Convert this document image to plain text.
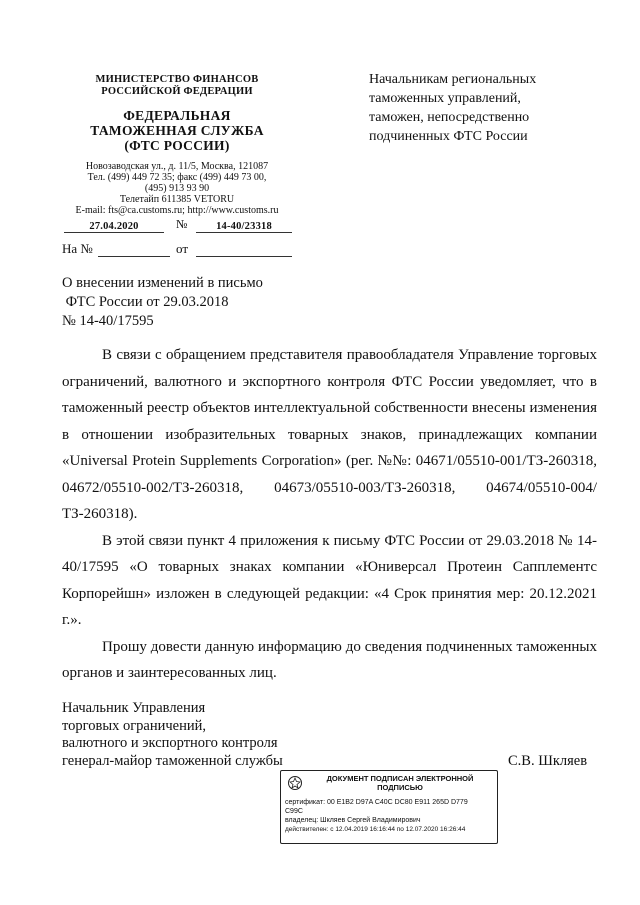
МИНИСТЕРСТВО ФИНАНСОВ
РОССИЙСКОЙ ФЕДЕРАЦИИ
ФЕДЕРАЛЬНАЯ
ТАМОЖЕННАЯ СЛУЖБА
(ФТС РОССИИ)
Новозаводская ул., д. 11/5, Москва, 121087
Тел. (499) 449 72 35; факс (499) 449 73 00,
(495) 913 93 90
Телетайп 611385 VETORU
E-mail: fts@ca.customs.ru; http://www.customs.ru
27.04.2020	№	14-40/23318
На №	от
Начальникам региональных
таможенных управлений,
таможен, непосредственно
подчиненных ФТС России
О внесении изменений в письмо
ФТС России от 29.03.2018
№ 14-40/17595

В связи с обращением представителя правообладателя Управление торговых ограничений, валютного и экспортного контроля ФТС России уведомляет, что в таможенный реестр объектов интеллектуальной собственности внесены изменения в отношении изобразительных товарных знаков, принадлежащих компании «Universal Protein Supplements Corporation» (рег. №№: 04671/05510-001/ТЗ-260318, 04672/05510-002/ТЗ-260318, 04673/05510-003/ТЗ-260318, 04674/05510-004/ТЗ-260318).

В этой связи пункт 4 приложения к письму ФТС России от 29.03.2018 № 14-40/17595 «О товарных знаках компании «Юниверсал Протеин Сапплементс Корпорейшн» изложен в следующей редакции: «4 Срок принятия мер: 20.12.2021 г.».

Прошу довести данную информацию до сведения подчиненных таможенных органов и заинтересованных лиц.

Начальник Управления
торговых ограничений,
валютного и экспортного контроля
генерал-майор таможенной службы	С.В. Шкляев
ДОКУМЕНТ ПОДПИСАН ЭЛЕКТРОННОЙ
ПОДПИСЬЮ
сертификат: 00 E1B2 D97A C40C DC80 E911 265D D779
C99C
владелец: Шкляев Сергей Владимирович
действителен: с 12.04.2019 16:16:44 по 12.07.2020 16:26:44
